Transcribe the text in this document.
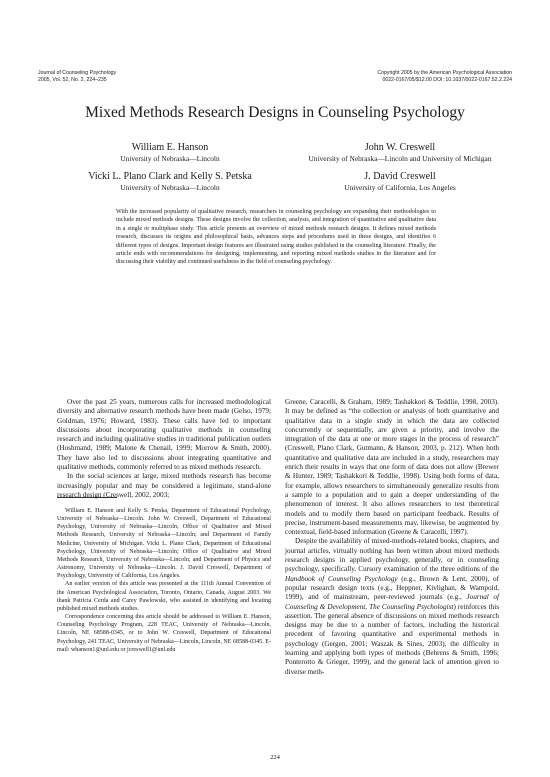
Journal of Counseling Psychology
2005, Vol. 52, No. 2, 224–235
Copyright 2005 by the American Psychological Association
0022-0167/05/$12.00 DOI: 10.1037/0022-0167.52.2.224
Mixed Methods Research Designs in Counseling Psychology
William E. Hanson
University of Nebraska—Lincoln
John W. Creswell
University of Nebraska—Lincoln and University of Michigan
Vicki L. Plano Clark and Kelly S. Petska
University of Nebraska—Lincoln
J. David Creswell
University of California, Los Angeles
With the increased popularity of qualitative research, researchers in counseling psychology are expanding their methodologies to include mixed methods designs. These designs involve the collection, analysis, and integration of quantitative and qualitative data in a single or multiphase study. This article presents an overview of mixed methods research designs. It defines mixed methods research, discusses its origins and philosophical basis, advances steps and procedures used in these designs, and identifies 6 different types of designs. Important design features are illustrated using studies published in the counseling literature. Finally, the article ends with recommendations for designing, implementing, and reporting mixed methods studies in the literature and for discussing their viability and continued usefulness in the field of counseling psychology.

Over the past 25 years, numerous calls for increased methodological diversity and alternative research methods have been made (Gelso, 1979; Goldman, 1976; Howard, 1983). These calls have led to important discussions about incorporating qualitative methods in counseling research and including qualitative studies in traditional publication outlets (Hoshmand, 1989; Malone & Chenail, 1999; Morrow & Smith, 2000). They have also led to discussions about integrating quantitative and qualitative methods, commonly referred to as mixed methods research.

In the social sciences at large, mixed methods research has become increasingly popular and may be considered a legitimate, stand-alone research design (Creswell, 2002, 2003;

William E. Hanson and Kelly S. Petska, Department of Educational Psychology, University of Nebraska—Lincoln. John W. Creswell, Department of Educational Psychology, University of Nebraska—Lincoln; Office of Qualitative and Mixed Methods Research, University of Nebraska—Lincoln; and Department of Family Medicine, University of Michigan. Vicki L. Plano Clark, Department of Educational Psychology, University of Nebraska—Lincoln; Office of Qualitative and Mixed Methods Research, University of Nebraska—Lincoln; and Department of Physics and Astronomy, University of Nebraska—Lincoln. J. David Creswell, Department of Psychology, University of California, Los Angeles.

An earlier version of this article was presented at the 111th Annual Convention of the American Psychological Association, Toronto, Ontario, Canada, August 2003. We thank Patricia Cerda and Carey Pawlowski, who assisted in identifying and locating published mixed methods studies.

Correspondence concerning this article should be addressed to William E. Hanson, Counseling Psychology Program, 228 TEAC, University of Nebraska—Lincoln, Lincoln, NE 68588-0345, or to John W. Creswell, Department of Educational Psychology, 241 TEAC, University of Nebraska—Lincoln, Lincoln, NE 68588-0345. E-mail: whanson1@unl.edu or jcreswell1@unl.edu

Greene, Caracelli, & Graham, 1989; Tashakkori & Teddlie, 1998, 2003). It may be defined as “the collection or analysis of both quantitative and qualitative data in a single study in which the data are collected concurrently or sequentially, are given a priority, and involve the integration of the data at one or more stages in the process of research” (Creswell, Plano Clark, Gutmann, & Hanson, 2003, p. 212). When both quantitative and qualitative data are included in a study, researchers may enrich their results in ways that one form of data does not allow (Brewer & Hunter, 1989; Tashakkori & Teddlie, 1998). Using both forms of data, for example, allows researchers to simultaneously generalize results from a sample to a population and to gain a deeper understanding of the phenomenon of interest. It also allows researchers to test theoretical models and to modify them based on participant feedback. Results of precise, instrument-based measurements may, likewise, be augmented by contextual, field-based information (Greene & Caracelli, 1997).

Despite the availability of mixed-methods-related books, chapters, and journal articles, virtually nothing has been written about mixed methods research designs in applied psychology, generally, or in counseling psychology, specifically. Cursory examination of the three editions of the Handbook of Counseling Psychology (e.g., Brown & Lent, 2000), of popular research design texts (e.g., Heppner, Kivlighan, & Wampold, 1999), and of mainstream, peer-reviewed journals (e.g., Journal of Counseling & Development, The Counseling Psychologist) reinforces this assertion. The general absence of discussions on mixed methods research designs may be due to a number of factors, including the historical precedent of favoring quantitative and experimental methods in psychology (Gergen, 2001; Waszak & Sines, 2003), the difficulty in learning and applying both types of methods (Behrens & Smith, 1996; Ponterotto & Grieger, 1999), and the general lack of attention given to diverse meth-

224
